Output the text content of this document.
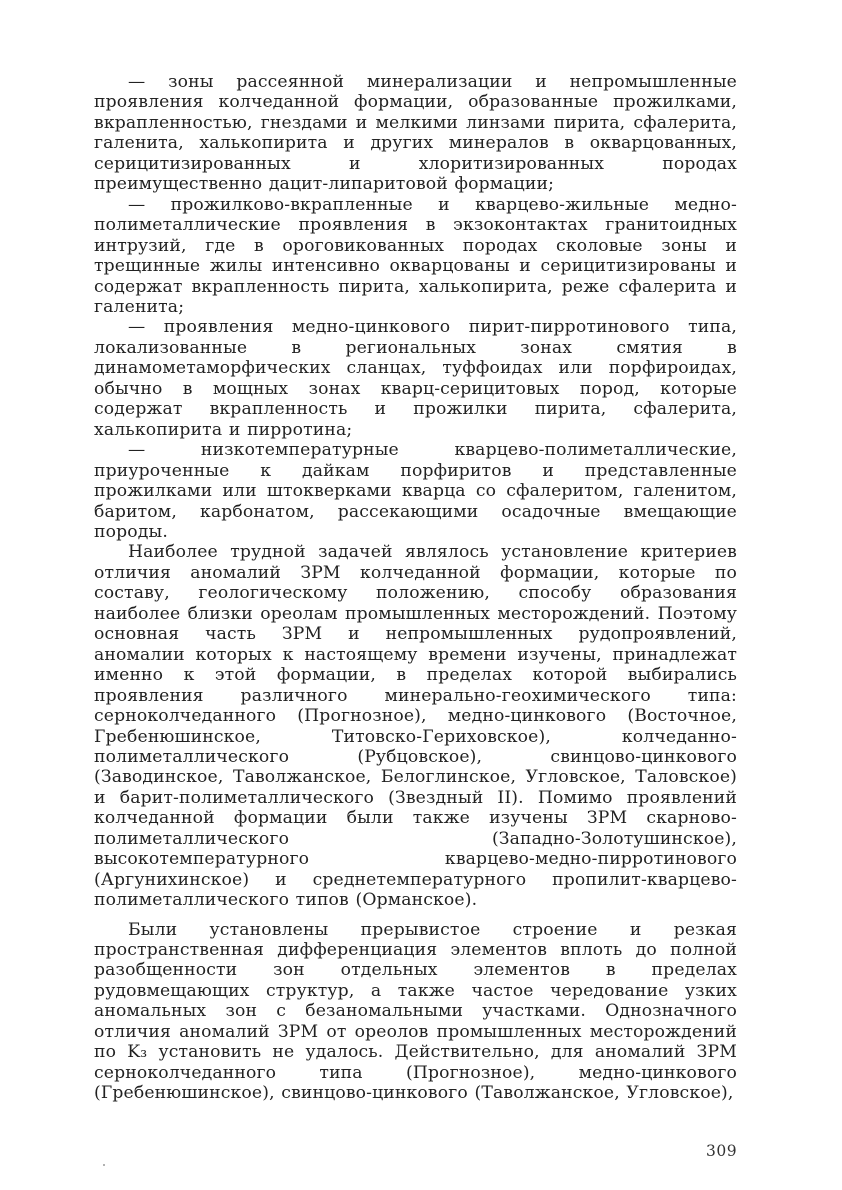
— зоны рассеянной минерализации и непромышленные проявления колчеданной формации, образованные прожилками, вкрапленностью, гнездами и мелкими линзами пирита, сфалерита, галенита, халькопирита и других минералов в окварцованных, серицитизированных и хлоритизированных породах преимущественно дацит-липаритовой формации;

— прожилково-вкрапленные и кварцево-жильные медно-полиметаллические проявления в экзоконтактах гранитоидных интрузий, где в ороговикованных породах сколовые зоны и трещинные жилы интенсивно окварцованы и серицитизированы и содержат вкрапленность пирита, халькопирита, реже сфалерита и галенита;

— проявления медно-цинкового пирит-пирротинового типа, локализованные в региональных зонах смятия в динамометаморфических сланцах, туффоидах или порфироидах, обычно в мощных зонах кварц-серицитовых пород, которые содержат вкрапленность и прожилки пирита, сфалерита, халькопирита и пирротина;

— низкотемпературные кварцево-полиметаллические, приуроченные к дайкам порфиритов и представленные прожилками или штокверками кварца со сфалеритом, галенитом, баритом, карбонатом, рассекающими осадочные вмещающие породы.

Наиболее трудной задачей являлось установление критериев отличия аномалий ЗРМ колчеданной формации, которые по составу, геологическому положению, способу образования наиболее близки ореолам промышленных месторождений. Поэтому основная часть ЗРМ и непромышленных рудопроявлений, аномалии которых к настоящему времени изучены, принадлежат именно к этой формации, в пределах которой выбирались проявления различного минерально-геохимического типа: серноколчеданного (Прогнозное), медно-цинкового (Восточное, Гребенюшинское, Титовско-Гериховское), колчеданно-полиметаллического (Рубцовское), свинцово-цинкового (Заводинское, Таволжанское, Белоглинское, Угловское, Таловское) и барит-полиметаллического (Звездный II). Помимо проявлений колчеданной формации были также изучены ЗРМ скарново-полиметаллического (Западно-Золотушинское), высокотемпературного кварцево-медно-пирротинового (Аргунихинское) и среднетемпературного пропилит-кварцево-полиметаллического типов (Орманское).

Были установлены прерывистое строение и резкая пространственная дифференциация элементов вплоть до полной разобщенности зон отдельных элементов в пределах рудовмещающих структур, а также частое чередование узких аномальных зон с безаномальными участками. Однозначного отличия аномалий ЗРМ от ореолов промышленных месторождений по K₃ установить не удалось. Действительно, для аномалий ЗРМ серноколчеданного типа (Прогнозное), медно-цинкового (Гребенюшинское), свинцово-цинкового (Таволжанское, Угловское),

309
